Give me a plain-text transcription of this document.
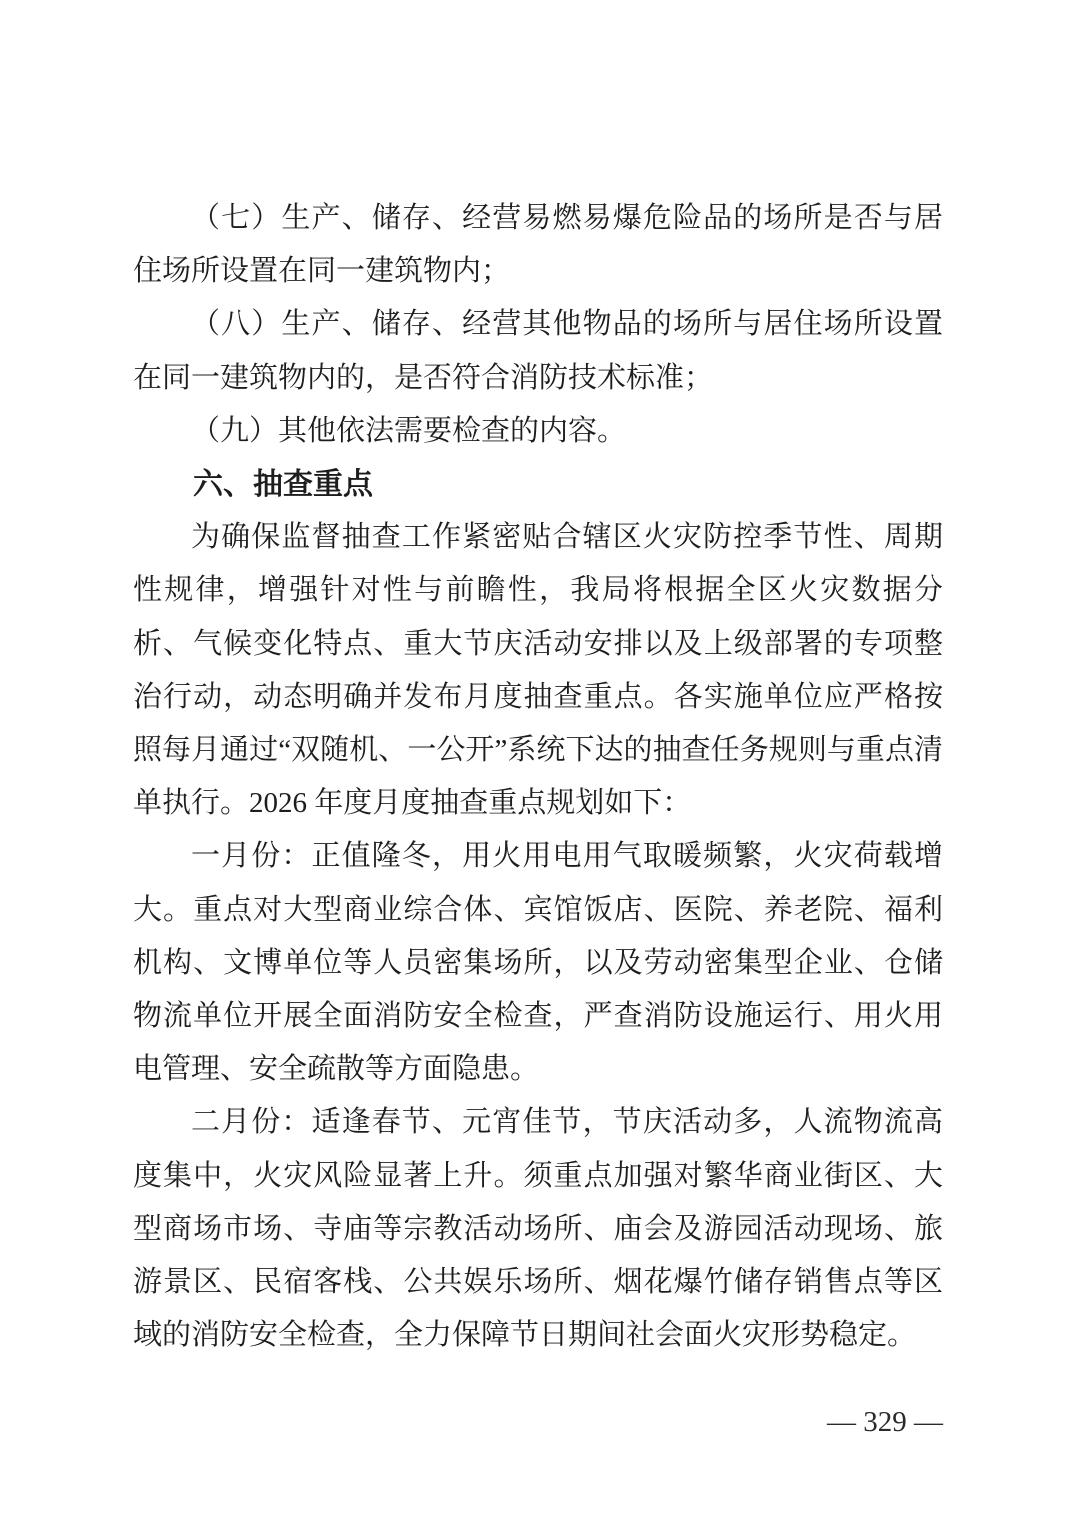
（七）生产、储存、经营易燃易爆危险品的场所是否与居住场所设置在同一建筑物内；

（八）生产、储存、经营其他物品的场所与居住场所设置在同一建筑物内的，是否符合消防技术标准；

（九）其他依法需要检查的内容。

六、抽查重点

为确保监督抽查工作紧密贴合辖区火灾防控季节性、周期性规律，增强针对性与前瞻性，我局将根据全区火灾数据分析、气候变化特点、重大节庆活动安排以及上级部署的专项整治行动，动态明确并发布月度抽查重点。各实施单位应严格按照每月通过“双随机、一公开”系统下达的抽查任务规则与重点清单执行。2026 年度月度抽查重点规划如下：

一月份：正值隆冬，用火用电用气取暖频繁，火灾荷载增大。重点对大型商业综合体、宾馆饭店、医院、养老院、福利机构、文博单位等人员密集场所，以及劳动密集型企业、仓储物流单位开展全面消防安全检查，严查消防设施运行、用火用电管理、安全疏散等方面隐患。

二月份：适逢春节、元宵佳节，节庆活动多，人流物流高度集中，火灾风险显著上升。须重点加强对繁华商业街区、大型商场市场、寺庙等宗教活动场所、庙会及游园活动现场、旅游景区、民宿客栈、公共娱乐场所、烟花爆竹储存销售点等区域的消防安全检查，全力保障节日期间社会面火灾形势稳定。

— 329 —
